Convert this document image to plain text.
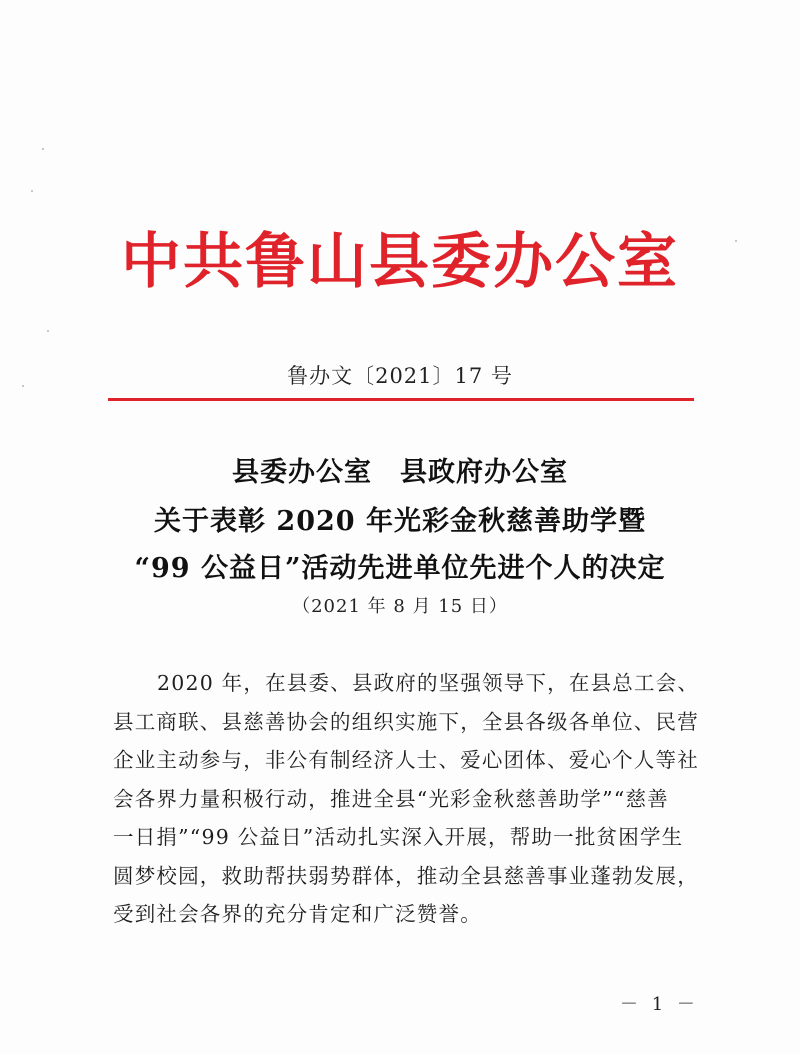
中共鲁山县委办公室
鲁办文〔2021〕17 号
县委办公室　县政府办公室
关于表彰 2020 年光彩金秋慈善助学暨
“99 公益日”活动先进单位先进个人的决定
（2021 年 8 月 15 日）
2020 年，在县委、县政府的坚强领导下，在县总工会、
县工商联、县慈善协会的组织实施下，全县各级各单位、民营
企业主动参与，非公有制经济人士、爱心团体、爱心个人等社
会各界力量积极行动，推进全县“光彩金秋慈善助学”“慈善
一日捐”“99 公益日”活动扎实深入开展，帮助一批贫困学生
圆梦校园，救助帮扶弱势群体，推动全县慈善事业蓬勃发展，
受到社会各界的充分肯定和广泛赞誉。
－ 1 －
